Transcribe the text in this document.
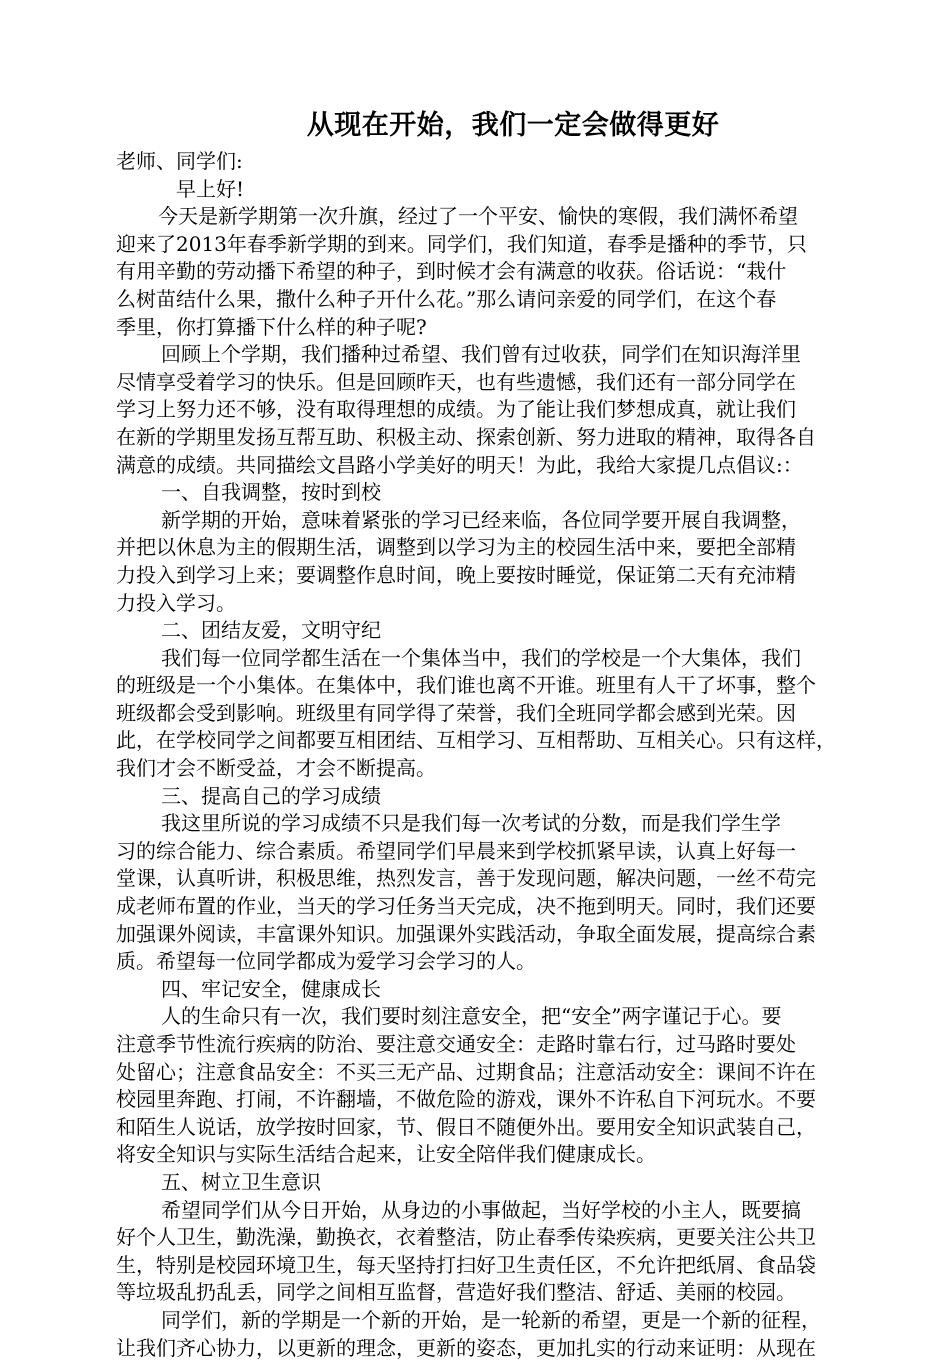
从现在开始，我们一定会做得更好
老师、同学们:
早上好!
今天是新学期第一次升旗，经过了一个平安、愉快的寒假，我们满怀希望
迎来了2013年春季新学期的到来。同学们，我们知道，春季是播种的季节，只
有用辛勤的劳动播下希望的种子，到时候才会有满意的收获。俗话说：“栽什
么树苗结什么果，撒什么种子开什么花。”那么请问亲爱的同学们，在这个春
季里，你打算播下什么样的种子呢?
回顾上个学期，我们播种过希望、我们曾有过收获，同学们在知识海洋里
尽情享受着学习的快乐。但是回顾昨天，也有些遗憾，我们还有一部分同学在
学习上努力还不够，没有取得理想的成绩。为了能让我们梦想成真，就让我们
在新的学期里发扬互帮互助、积极主动、探索创新、努力进取的精神，取得各自
满意的成绩。共同描绘文昌路小学美好的明天！为此，我给大家提几点倡议:：
一、自我调整，按时到校
新学期的开始，意味着紧张的学习已经来临，各位同学要开展自我调整，
并把以休息为主的假期生活，调整到以学习为主的校园生活中来，要把全部精
力投入到学习上来；要调整作息时间，晚上要按时睡觉，保证第二天有充沛精
力投入学习。
二、团结友爱，文明守纪
我们每一位同学都生活在一个集体当中，我们的学校是一个大集体，我们
的班级是一个小集体。在集体中，我们谁也离不开谁。班里有人干了坏事，整个
班级都会受到影响。班级里有同学得了荣誉，我们全班同学都会感到光荣。因
此，在学校同学之间都要互相团结、互相学习、互相帮助、互相关心。只有这样，
我们才会不断受益，才会不断提高。
三、提高自己的学习成绩
我这里所说的学习成绩不只是我们每一次考试的分数，而是我们学生学
习的综合能力、综合素质。希望同学们早晨来到学校抓紧早读，认真上好每一
堂课，认真听讲，积极思维，热烈发言，善于发现问题，解决问题，一丝不苟完
成老师布置的作业，当天的学习任务当天完成，决不拖到明天。同时，我们还要
加强课外阅读，丰富课外知识。加强课外实践活动，争取全面发展，提高综合素
质。希望每一位同学都成为爱学习会学习的人。
四、牢记安全，健康成长
人的生命只有一次，我们要时刻注意安全，把“安全”两字谨记于心。要
注意季节性流行疾病的防治、要注意交通安全：走路时靠右行，过马路时要处
处留心；注意食品安全：不买三无产品、过期食品；注意活动安全：课间不许在
校园里奔跑、打闹，不许翻墙，不做危险的游戏，课外不许私自下河玩水。不要
和陌生人说话，放学按时回家，节、假日不随便外出。要用安全知识武装自己，
将安全知识与实际生活结合起来，让安全陪伴我们健康成长。
五、树立卫生意识
希望同学们从今日开始，从身边的小事做起，当好学校的小主人，既要搞
好个人卫生，勤洗澡，勤换衣，衣着整洁，防止春季传染疾病，更要关注公共卫
生，特别是校园环境卫生，每天坚持打扫好卫生责任区，不允许把纸屑、食品袋
等垃圾乱扔乱丢，同学之间相互监督，营造好我们整洁、舒适、美丽的校园。
同学们，新的学期是一个新的开始，是一轮新的希望，更是一个新的征程，
让我们齐心协力，以更新的理念，更新的姿态，更加扎实的行动来证明：从现在
